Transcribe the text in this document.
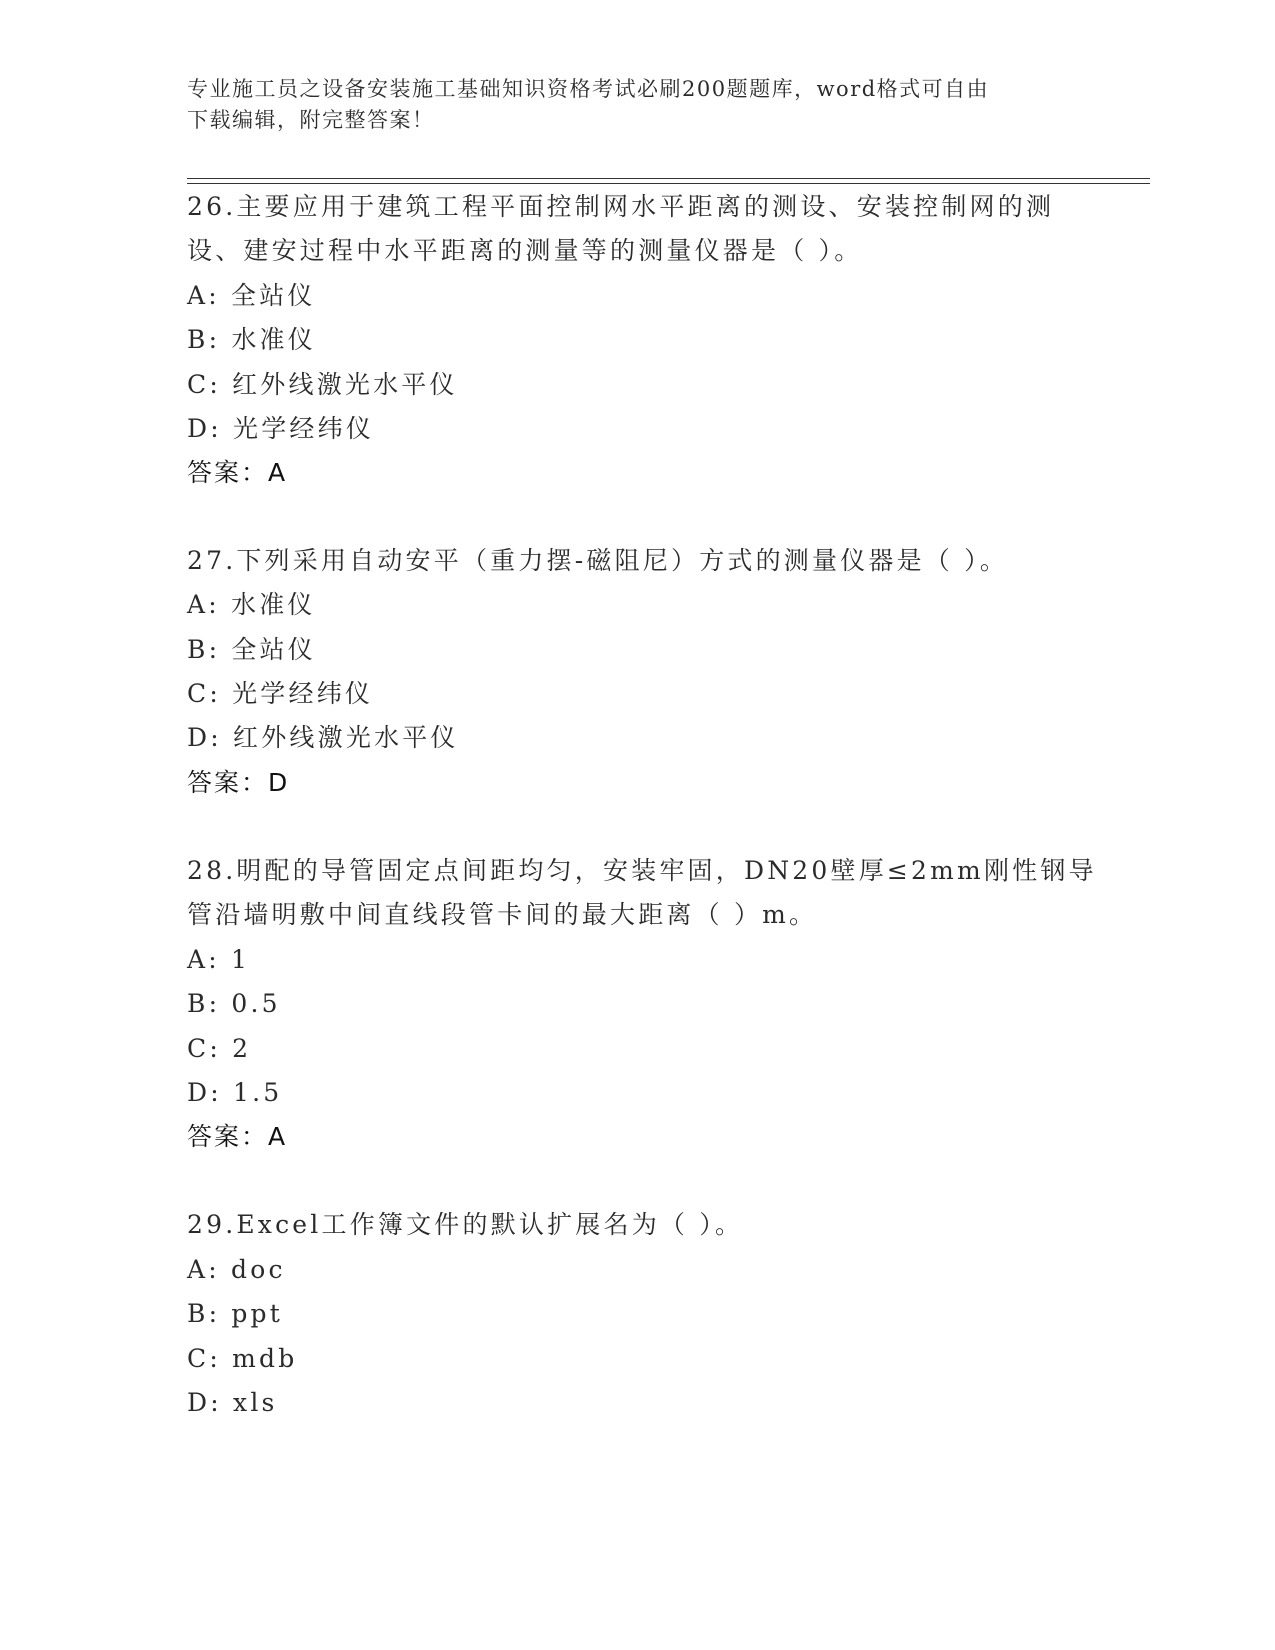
专业施工员之设备安装施工基础知识资格考试必刷200题题库，word格式可自由
下载编辑，附完整答案！
26.主要应用于建筑工程平面控制网水平距离的测设、安装控制网的测
设、建安过程中水平距离的测量等的测量仪器是（ ）。
A: 全站仪
B: 水准仪
C: 红外线激光水平仪
D: 光学经纬仪
答案：A
27.下列采用自动安平（重力摆-磁阻尼）方式的测量仪器是（ ）。
A: 水准仪
B: 全站仪
C: 光学经纬仪
D: 红外线激光水平仪
答案：D
28.明配的导管固定点间距均匀，安装牢固，DN20壁厚≤2mm刚性钢导
管沿墙明敷中间直线段管卡间的最大距离（ ）m。
A: 1
B: 0.5
C: 2
D: 1.5
答案：A
29.Excel工作簿文件的默认扩展名为（ ）。
A: doc
B: ppt
C: mdb
D: xls
